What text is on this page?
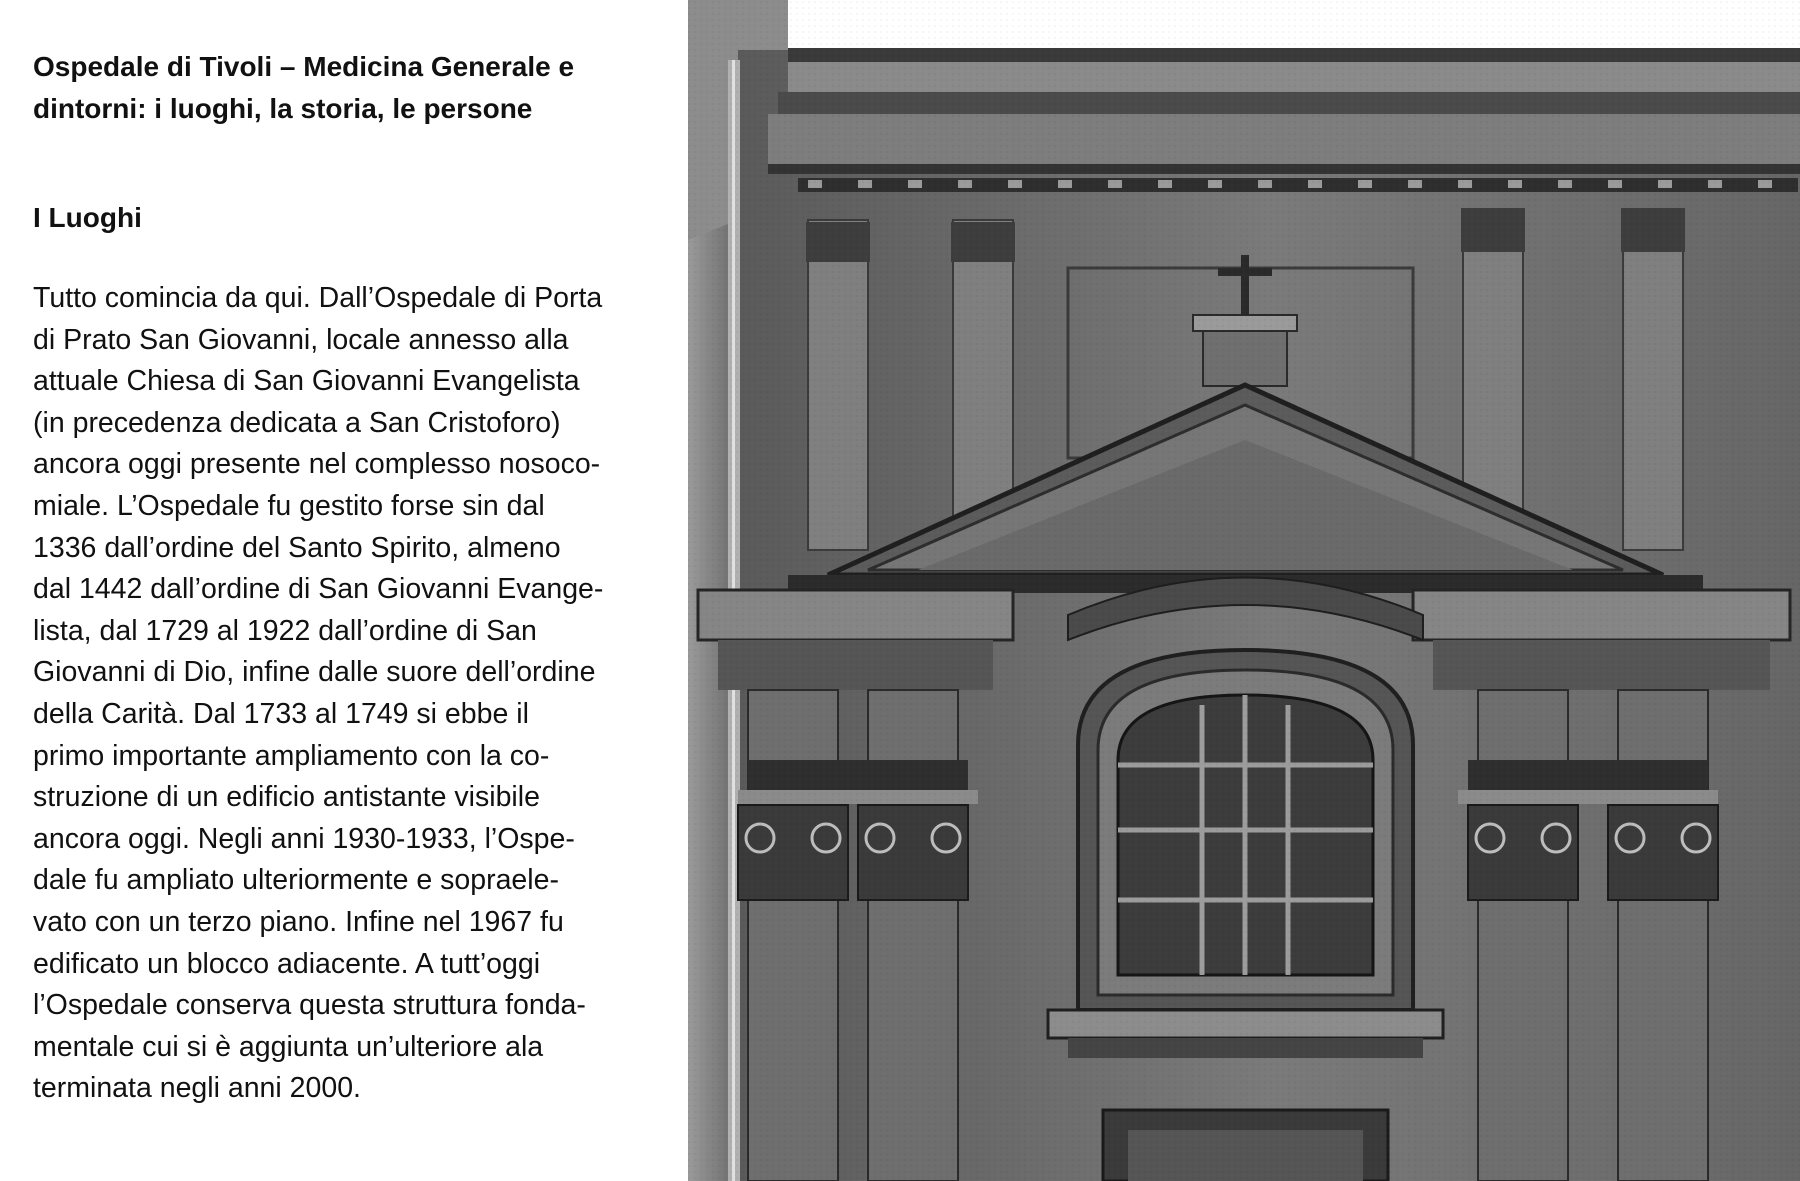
Ospedale di Tivoli – Medicina Generale e
dintorni: i luoghi, la storia, le persone
I Luoghi
Tutto comincia da qui. Dall’Ospedale di Porta
di Prato San Giovanni, locale annesso alla
attuale Chiesa di San Giovanni Evangelista
(in precedenza dedicata a San Cristoforo)
ancora oggi presente nel complesso nosoco-
miale. L’Ospedale fu gestito forse sin dal
1336 dall’ordine del Santo Spirito, almeno
dal 1442 dall’ordine di San Giovanni Evange-
lista, dal 1729 al 1922 dall’ordine di San
Giovanni di Dio, infine dalle suore dell’ordine
della Carità. Dal 1733 al 1749 si ebbe il
primo importante ampliamento con la co-
struzione di un edificio antistante visibile
ancora oggi. Negli anni 1930-1933, l’Ospe-
dale fu ampliato ulteriormente e sopraele-
vato con un terzo piano. Infine nel 1967 fu
edificato un blocco adiacente. A tutt’oggi
l’Ospedale conserva questa struttura fonda-
mentale cui si è aggiunta un’ulteriore ala
terminata negli anni 2000.
